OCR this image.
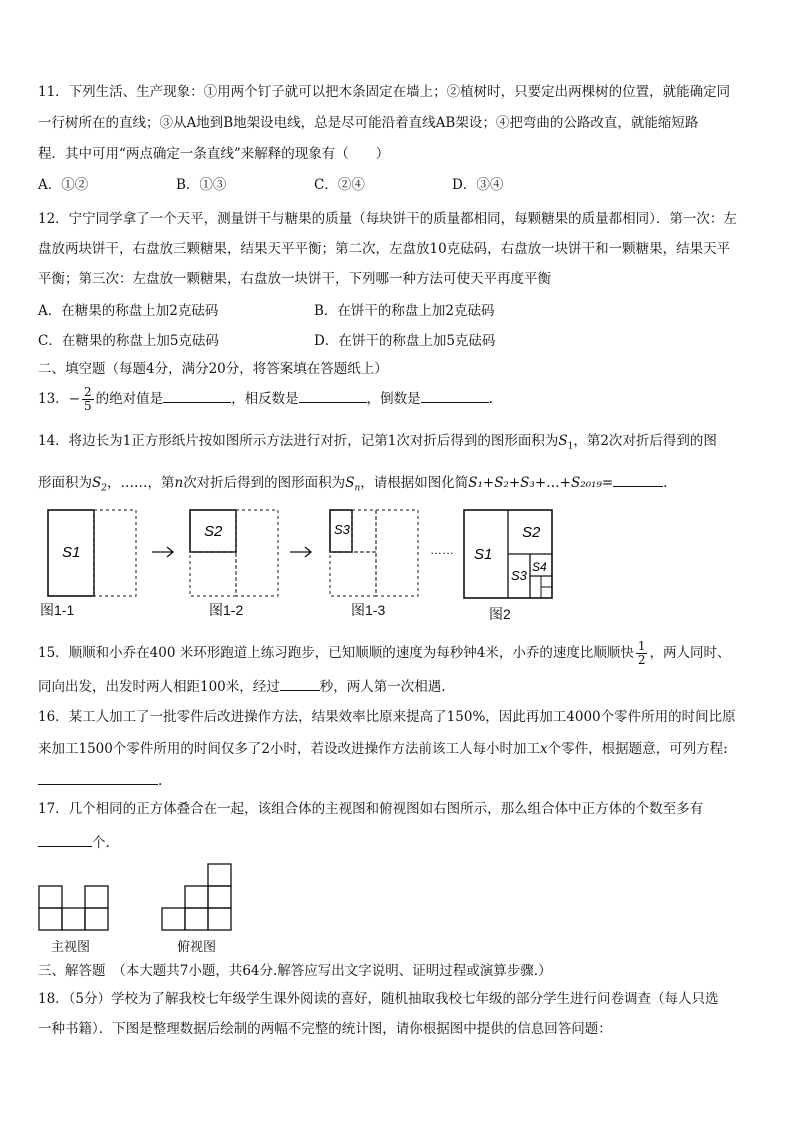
11．下列生活、生产现象：①用两个钉子就可以把木条固定在墙上；②植树时，只要定出两棵树的位置，就能确定同
一行树所在的直线；③从A地到B地架设电线，总是尽可能沿着直线AB架设；④把弯曲的公路改直，就能缩短路
程．其中可用“两点确定一条直线”来解释的现象有（　　）
A．①②	B．①③	C．②④	D．③④
12．宁宁同学拿了一个天平，测量饼干与糖果的质量（每块饼干的质量都相同，每颗糖果的质量都相同）．第一次：左
盘放两块饼干，右盘放三颗糖果，结果天平平衡；第二次，左盘放10克砝码，右盘放一块饼干和一颗糖果，结果天平
平衡；第三次：左盘放一颗糖果，右盘放一块饼干，下列哪一种方法可使天平再度平衡
A．在糖果的称盘上加2克砝码	B．在饼干的称盘上加2克砝码
C．在糖果的称盘上加5克砝码	D．在饼干的称盘上加5克砝码
二、填空题（每题4分，满分20分，将答案填在答题纸上）
13．− $\frac{2}{5}$ 的绝对值是	，相反数是	，倒数是	.
14．将边长为1正方形纸片按如图所示方法进行对折，记第1次对折后得到的图形面积为$S_1$，第2次对折后得到的图
形面积为$S_2$，……，第n次对折后得到的图形面积为$S_n$，请根据如图化简S₁+S₂+S₃+…+S₂₀₁₉=	.
S1
S2	S3
…… S1
S2
S3
S4
图1-1	图1-2	图1-3	图2
15．顺顺和小乔在400 米环形跑道上练习跑步，已知顺顺的速度为每秒钟4米，小乔的速度比顺顺快 $\frac{1}{2}$ ，两人同时、
同向出发，出发时两人相距100米，经过	秒，两人第一次相遇.
16．某工人加工了一批零件后改进操作方法，结果效率比原来提高了150%，因此再加工4000个零件所用的时间比原
来加工1500个零件所用的时间仅多了2小时，若设改进操作方法前该工人每小时加工x个零件，根据题意，可列方程:
.
17．几个相同的正方体叠合在一起，该组合体的主视图和俯视图如右图所示，那么组合体中正方体的个数至多有
个.
主视图	俯视图
三、解答题　（本大题共7小题，共64分.解答应写出文字说明、证明过程或演算步骤.）
18．（5分）学校为了解我校七年级学生课外阅读的喜好，随机抽取我校七年级的部分学生进行问卷调查（每人只选
一种书籍）．下图是整理数据后绘制的两幅不完整的统计图，请你根据图中提供的信息回答问题：
